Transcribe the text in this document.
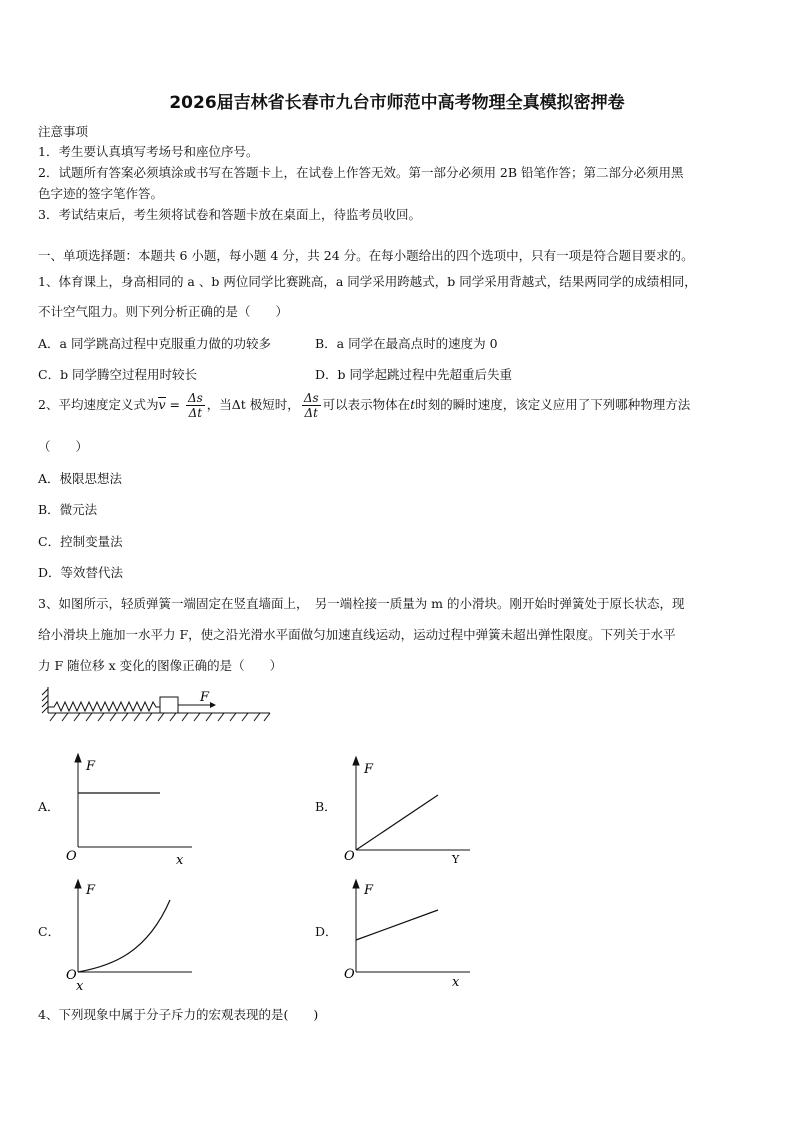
2026届吉林省长春市九台市师范中高考物理全真模拟密押卷
注意事项
1．考生要认真填写考场号和座位序号。
2．试题所有答案必须填涂或书写在答题卡上，在试卷上作答无效。第一部分必须用 2B 铅笔作答；第二部分必须用黑
色字迹的签字笔作答。
3．考试结束后，考生须将试卷和答题卡放在桌面上，待监考员收回。
一、单项选择题：本题共 6 小题，每小题 4 分，共 24 分。在每小题给出的四个选项中，只有一项是符合题目要求的。
1、体育课上，身高相同的 a 、b 两位同学比赛跳高，a 同学采用跨越式，b 同学采用背越式，结果两同学的成绩相同，
不计空气阻力。则下列分析正确的是（　　）
A．a 同学跳高过程中克服重力做的功较多	B．a 同学在最高点时的速度为 0
C．b 同学腾空过程用时较长	D．b 同学起跳过程中先超重后失重
2、平均速度定义式为$v = \frac{\Delta s}{\Delta t}$ ，当Δt 极短时， $\frac{\Delta s}{\Delta t}$ 可以表示物体在t时刻的瞬时速度，该定义应用了下列哪种物理方法
（　　）
A．极限思想法
B．微元法
C．控制变量法
D．等效替代法
3、如图所示，轻质弹簧一端固定在竖直墙面上，　另一端栓接一质量为 m 的小滑块。刚开始时弹簧处于原长状态，现
给小滑块上施加一水平力 F，使之沿光滑水平面做匀加速直线运动，运动过程中弹簧未超出弹性限度。下列关于水平
力 F 随位移 x 变化的图像正确的是（　　）
F
A．
F
O	x
B．
F
O	Y
C．
F
O
x
D．
F
O
x
4、下列现象中属于分子斥力的宏观表现的是(　　)
